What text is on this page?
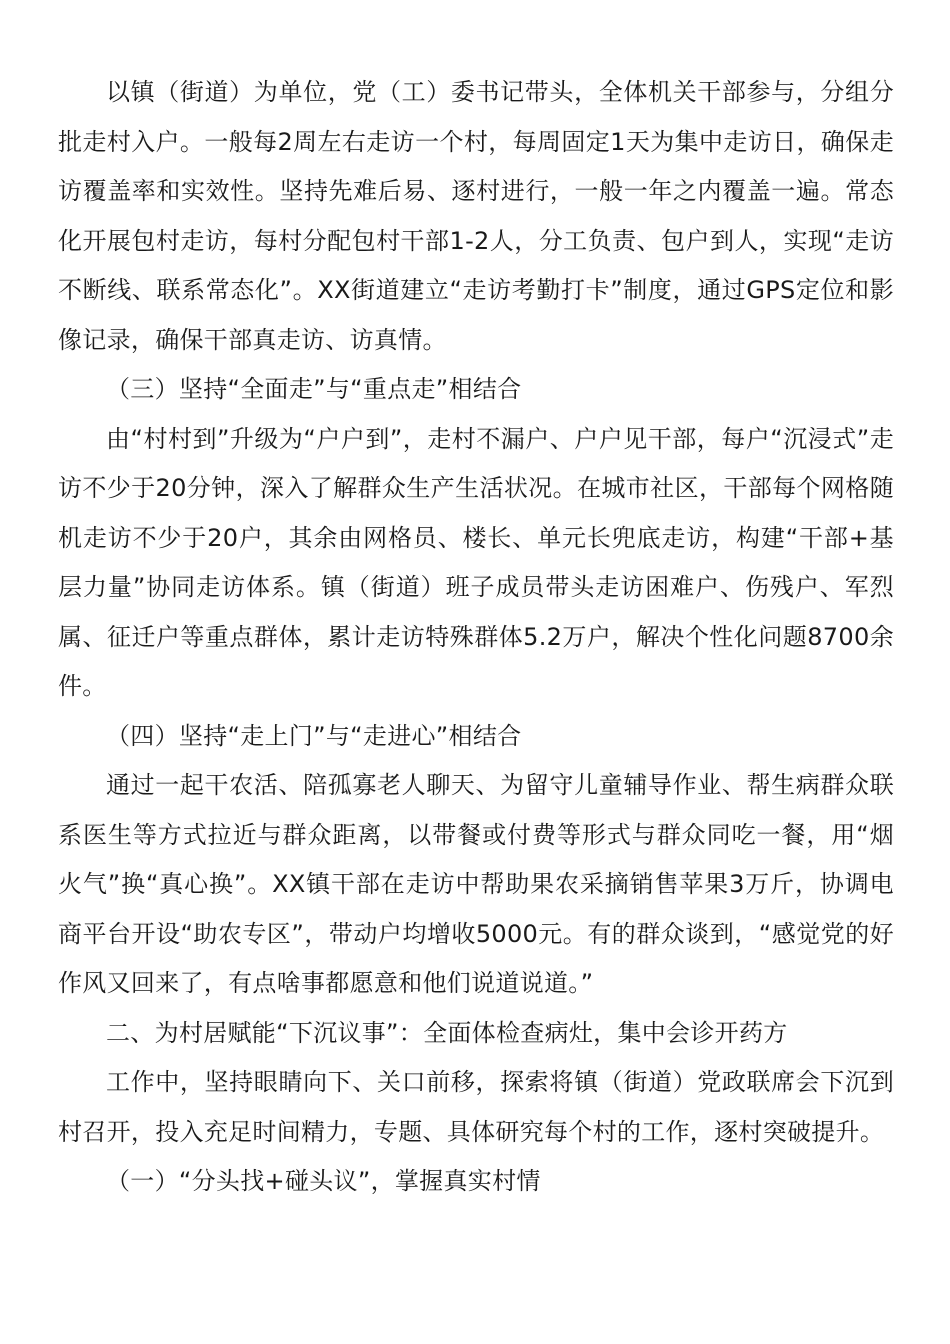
以镇（街道）为单位，党（工）委书记带头，全体机关干部参与，分组分批走村入户。一般每2周左右走访一个村，每周固定1天为集中走访日，确保走访覆盖率和实效性。坚持先难后易、逐村进行，一般一年之内覆盖一遍。常态化开展包村走访，每村分配包村干部1-2人，分工负责、包户到人，实现“走访不断线、联系常态化”。XX街道建立“走访考勤打卡”制度，通过GPS定位和影像记录，确保干部真走访、访真情。

（三）坚持“全面走”与“重点走”相结合

由“村村到”升级为“户户到”，走村不漏户、户户见干部，每户“沉浸式”走访不少于20分钟，深入了解群众生产生活状况。在城市社区，干部每个网格随机走访不少于20户，其余由网格员、楼长、单元长兜底走访，构建“干部+基层力量”协同走访体系。镇（街道）班子成员带头走访困难户、伤残户、军烈属、征迁户等重点群体，累计走访特殊群体5.2万户，解决个性化问题8700余件。

（四）坚持“走上门”与“走进心”相结合

通过一起干农活、陪孤寡老人聊天、为留守儿童辅导作业、帮生病群众联系医生等方式拉近与群众距离，以带餐或付费等形式与群众同吃一餐，用“烟火气”换“真心换”。XX镇干部在走访中帮助果农采摘销售苹果3万斤，协调电商平台开设“助农专区”，带动户均增收5000元。有的群众谈到，“感觉党的好作风又回来了，有点啥事都愿意和他们说道说道。”

二、为村居赋能“下沉议事”：全面体检查病灶，集中会诊开药方

工作中，坚持眼睛向下、关口前移，探索将镇（街道）党政联席会下沉到村召开，投入充足时间精力，专题、具体研究每个村的工作，逐村突破提升。

（一）“分头找+碰头议”，掌握真实村情
